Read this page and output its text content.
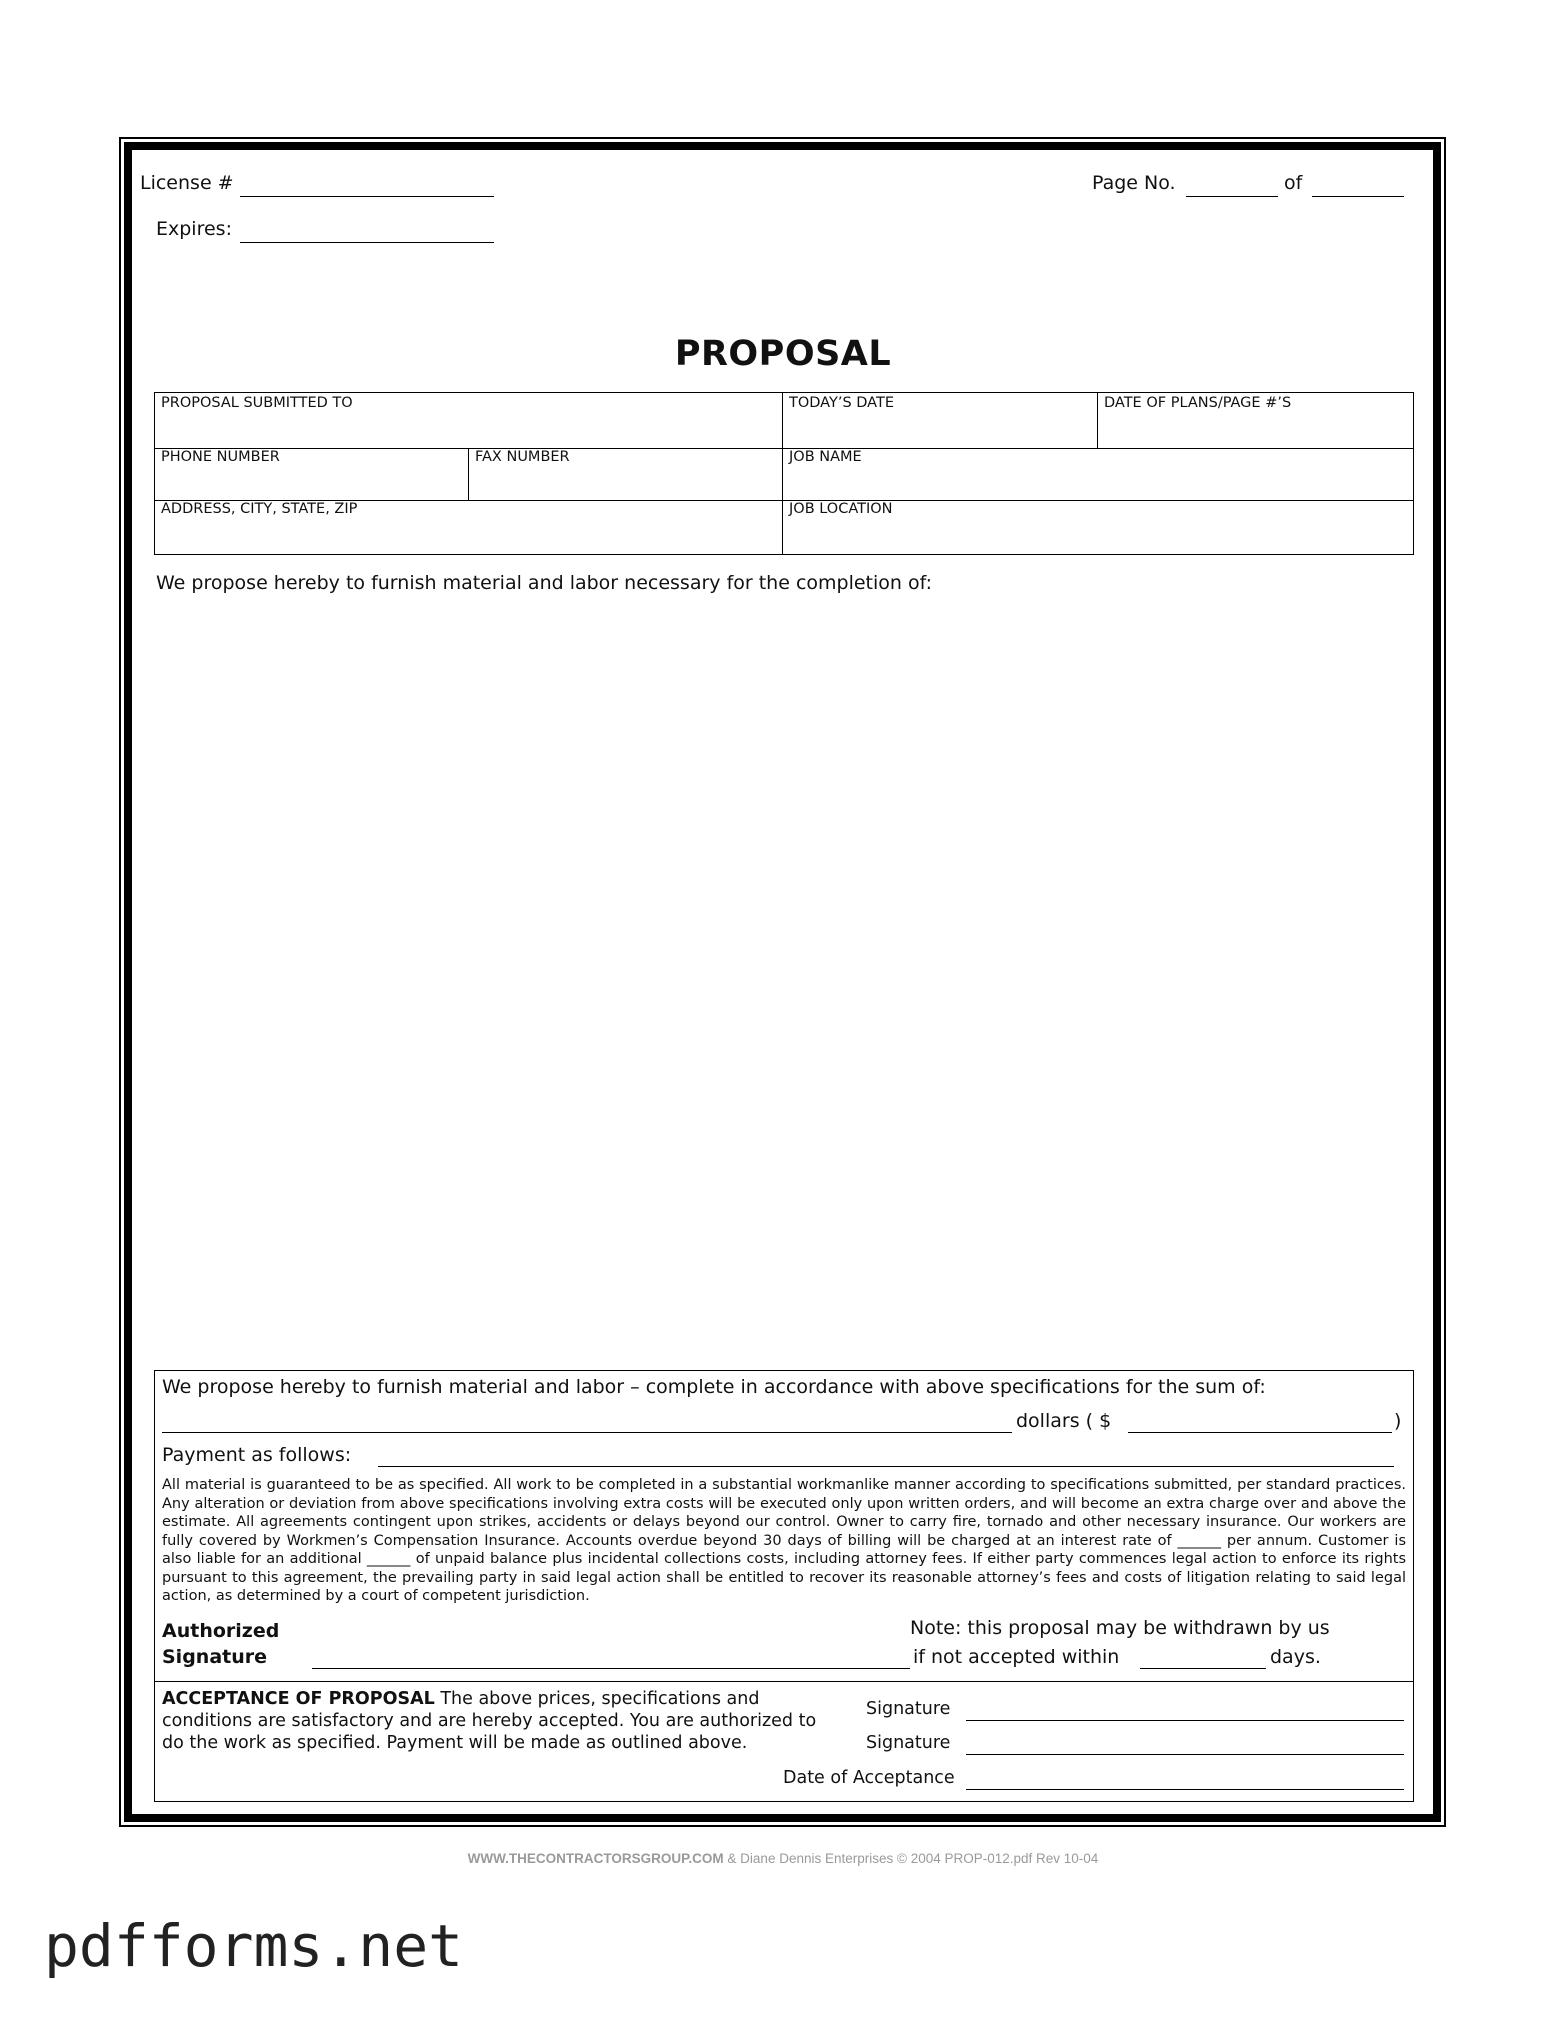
License #
Expires:
Page No.	of
PROPOSAL
PROPOSAL SUBMITTED TO	TODAY’S DATE	DATE OF PLANS/PAGE #’S
PHONE NUMBER	FAX NUMBER	JOB NAME
ADDRESS, CITY, STATE, ZIP	JOB LOCATION
We propose hereby to furnish material and labor necessary for the completion of:
We propose hereby to furnish material and labor – complete in accordance with above specifications for the sum of:
dollars ( $	)
Payment as follows:
All material is guaranteed to be as specified. All work to be completed in a substantial workmanlike manner according to specifications submitted, per standard practices. Any alteration or deviation from above specifications involving extra costs will be executed only upon written orders, and will become an extra charge over and above the estimate. All agreements contingent upon strikes, accidents or delays beyond our control. Owner to carry fire, tornado and other necessary insurance. Our workers are fully covered by Workmen’s Compensation Insurance. Accounts overdue beyond 30 days of billing will be charged at an interest rate of ______ per annum. Customer is also liable for an additional ______ of unpaid balance plus incidental collections costs, including attorney fees. If either party commences legal action to enforce its rights pursuant to this agreement, the prevailing party in said legal action shall be entitled to recover its reasonable attorney’s fees and costs of litigation relating to said legal action, as determined by a court of competent jurisdiction.
Authorized
Signature
Note: this proposal may be withdrawn by us
if not accepted within	days.
ACCEPTANCE OF PROPOSAL The above prices, specifications and conditions are satisfactory and are hereby accepted. You are authorized to do the work as specified. Payment will be made as outlined above.
Signature
Signature
Date of Acceptance
WWW.THECONTRACTORSGROUP.COM & Diane Dennis Enterprises © 2004 PROP-012.pdf Rev 10-04
pdfforms.net
